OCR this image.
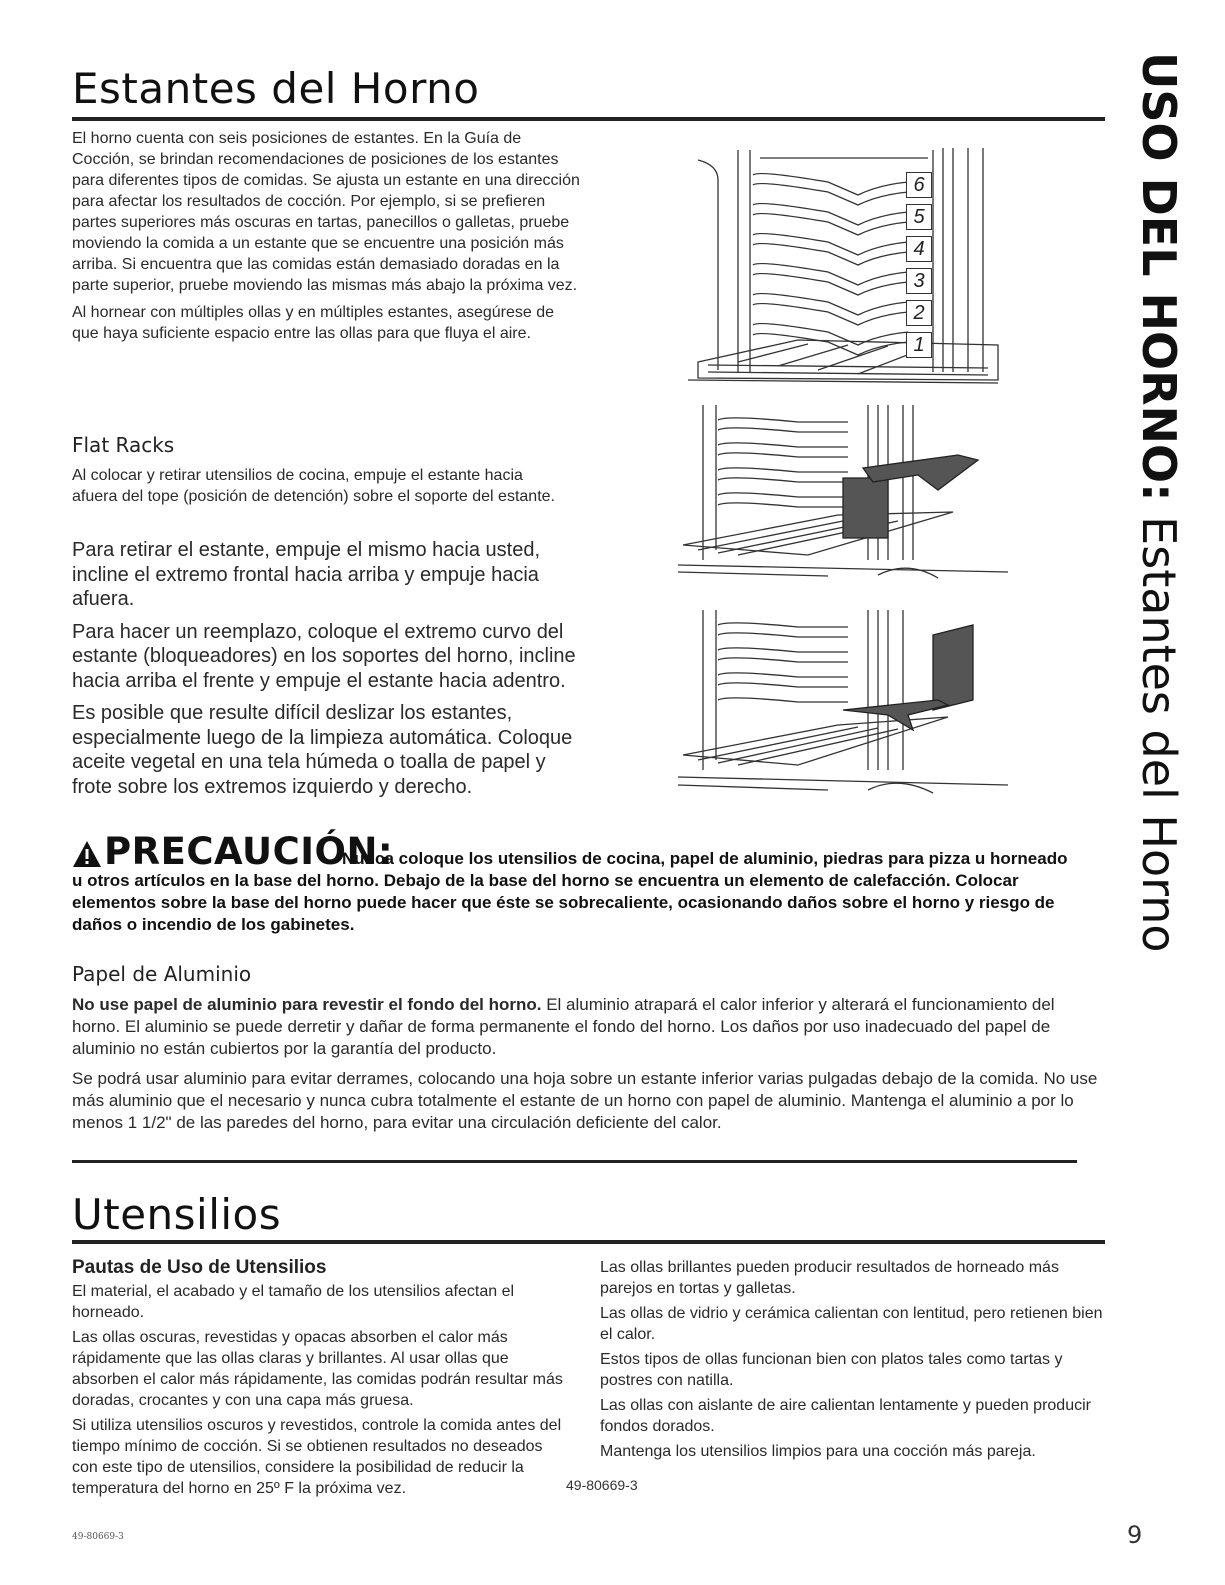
Estantes del Horno

El horno cuenta con seis posiciones de estantes. En la Guía de Cocción, se brindan recomendaciones de posiciones de los estantes para diferentes tipos de comidas. Se ajusta un estante en una dirección para afectar los resultados de cocción. Por ejemplo, si se prefieren partes superiores más oscuras en tartas, panecillos o galletas, pruebe moviendo la comida a un estante que se encuentre una posición más arriba. Si encuentra que las comidas están demasiado doradas en la parte superior, pruebe moviendo las mismas más abajo la próxima vez.

Al hornear con múltiples ollas y en múltiples estantes, asegúrese de que haya suficiente espacio entre las ollas para que fluya el aire.

Flat Racks
Al colocar y retirar utensilios de cocina, empuje el estante hacia afuera del tope (posición de detención) sobre el soporte del estante.

Para retirar el estante, empuje el mismo hacia usted, incline el extremo frontal hacia arriba y empuje hacia afuera.

Para hacer un reemplazo, coloque el extremo curvo del estante (bloqueadores) en los soportes del horno, incline hacia arriba el frente y empuje el estante hacia adentro.

Es posible que resulte difícil deslizar los estantes, especialmente luego de la limpieza automática. Coloque aceite vegetal en una tela húmeda o toalla de papel y frote sobre los extremos izquierdo y derecho.

6
5
4
3
2
1
PRECAUCIÓN:
Nunca coloque los utensilios de cocina, papel de aluminio, piedras para pizza u horneado

u otros artículos en la base del horno. Debajo de la base del horno se encuentra un elemento de calefacción. Colocar elementos sobre la base del horno puede hacer que éste se sobrecaliente, ocasionando daños sobre el horno y riesgo de daños o incendio de los gabinetes.

Papel de Aluminio

No use papel de aluminio para revestir el fondo del horno. El aluminio atrapará el calor inferior y alterará el funcionamiento del horno. El aluminio se puede derretir y dañar de forma permanente el fondo del horno. Los daños por uso inadecuado del papel de aluminio no están cubiertos por la garantía del producto.

Se podrá usar aluminio para evitar derrames, colocando una hoja sobre un estante inferior varias pulgadas debajo de la comida. No use más aluminio que el necesario y nunca cubra totalmente el estante de un horno con papel de aluminio. Mantenga el aluminio a por lo menos 1 1/2" de las paredes del horno, para evitar una circulación deficiente del calor.

Utensilios
Pautas de Uso de Utensilios

El material, el acabado y el tamaño de los utensilios afectan el horneado.

Las ollas oscuras, revestidas y opacas absorben el calor más rápidamente que las ollas claras y brillantes. Al usar ollas que absorben el calor más rápidamente, las comidas podrán resultar más doradas, crocantes y con una capa más gruesa.

Si utiliza utensilios oscuros y revestidos, controle la comida antes del tiempo mínimo de cocción. Si se obtienen resultados no deseados con este tipo de utensilios, considere la posibilidad de reducir la temperatura del horno en 25º F la próxima vez.

Las ollas brillantes pueden producir resultados de horneado más parejos en tortas y galletas.

Las ollas de vidrio y cerámica calientan con lentitud, pero retienen bien el calor.

Estos tipos de ollas funcionan bien con platos tales como tartas y postres con natilla.

Las ollas con aislante de aire calientan lentamente y pueden producir fondos dorados.

Mantenga los utensilios limpios para una cocción más pareja.

USO DEL HORNO: Estantes del Horno
49-80669-3
49-80669-3	9
